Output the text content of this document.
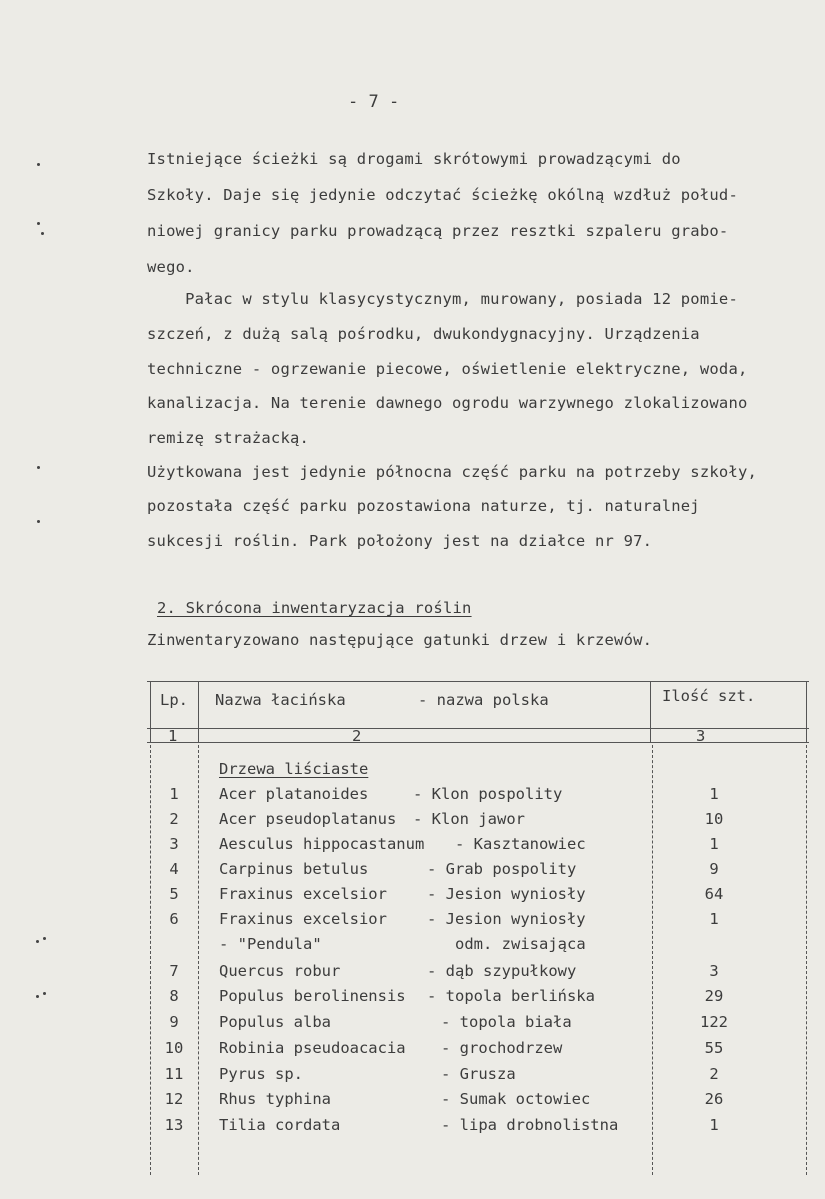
- 7 -
Istniejące ścieżki są drogami skrótowymi prowadzącymi do
Szkoły. Daje się jedynie odczytać ścieżkę okólną wzdłuż połud-
niowej granicy parku prowadzącą przez resztki szpaleru grabo-
wego.
Pałac w stylu klasycystycznym, murowany, posiada 12 pomie-
szczeń, z dużą salą pośrodku, dwukondygnacyjny. Urządzenia
techniczne - ogrzewanie piecowe, oświetlenie elektryczne, woda,
kanalizacja. Na terenie dawnego ogrodu warzywnego zlokalizowano
remizę strażacką.
Użytkowana jest jedynie północna część parku na potrzeby szkoły,
pozostała część parku pozostawiona naturze, tj. naturalnej
sukcesji roślin. Park położony jest na działce nr 97.
2. Skrócona inwentaryzacja roślin
Zinwentaryzowano następujące gatunki drzew i krzewów.
Lp. Nazwa łacińska	- nazwa polska	Ilość szt.
1	2	3
Drzewa liściaste
1	Acer platanoides	- Klon pospolity	1
2	Acer pseudoplatanus - Klon jawor	10
3	Aesculus hippocastanum - Kasztanowiec	1
4	Carpinus betulus	- Grab pospolity	9
5	Fraxinus excelsior	- Jesion wyniosły	64
6	Fraxinus excelsior	- Jesion wyniosły	1
- "Pendula"	odm. zwisająca
7	Quercus robur	- dąb szypułkowy	3
8	Populus berolinensis - topola berlińska	29
9	Populus alba	- topola biała	122
10	Robinia pseudoacacia - grochodrzew	55
11	Pyrus sp.	- Grusza	2
12	Rhus typhina	- Sumak octowiec	26
13	Tilia cordata	- lipa drobnolistna	1
